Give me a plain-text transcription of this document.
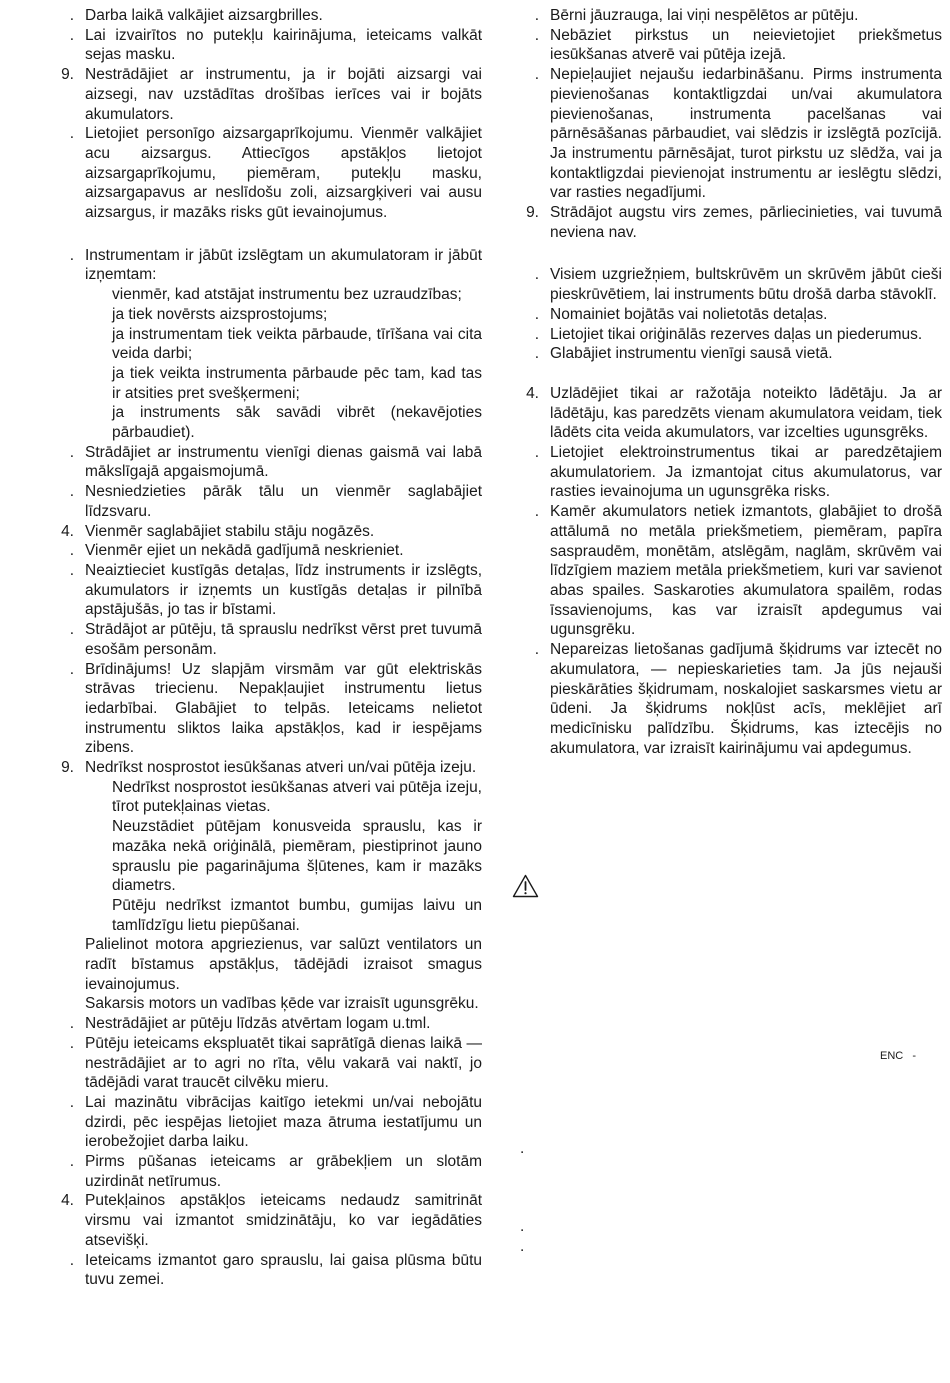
. Darba laikā valkājiet aizsargbrilles.
. Lai izvairītos no putekļu kairinājuma, ieteicams valkāt sejas masku.
9. Nestrādājiet ar instrumentu, ja ir bojāti aizsargi vai aizsegi, nav uzstādītas drošības ierīces vai ir bojāts akumulators.
. Lietojiet personīgo aizsargaprīkojumu. Vienmēr valkājiet acu aizsargus. Attiecīgos apstākļos lietojot aizsargaprīkojumu, piemēram, putekļu masku, aizsargapavus ar neslīdošu zoli, aizsargķiveri vai ausu aizsargus, ir mazāks risks gūt ievainojumus.
. Instrumentam ir jābūt izslēgtam un akumulatoram ir jābūt izņemtam:
vienmēr, kad atstājat instrumentu bez uzraudzības;
ja tiek novērsts aizsprostojums;
ja instrumentam tiek veikta pārbaude, tīrīšana vai cita veida darbi;
ja tiek veikta instrumenta pārbaude pēc tam, kad tas ir atsities pret svešķermeni;
ja instruments sāk savādi vibrēt (nekavējoties pārbaudiet).
. Strādājiet ar instrumentu vienīgi dienas gaismā vai labā mākslīgajā apgaismojumā.
. Nesniedzieties pārāk tālu un vienmēr saglabājiet līdzsvaru.
4. Vienmēr saglabājiet stabilu stāju nogāzēs.
. Vienmēr ejiet un nekādā gadījumā neskrieniet.
. Neaiztieciet kustīgās detaļas, līdz instruments ir izslēgts, akumulators ir izņemts un kustīgās detaļas ir pilnībā apstājušās, jo tas ir bīstami.
. Strādājot ar pūtēju, tā sprauslu nedrīkst vērst pret tuvumā esošām personām.
. Brīdinājums! Uz slapjām virsmām var gūt elektriskās strāvas triecienu. Nepakļaujiet instrumentu lietus iedarbībai. Glabājiet to telpās. Ieteicams nelietot instrumentu sliktos laika apstākļos, kad ir iespējams zibens.
9. Nedrīkst nosprostot iesūkšanas atveri un/vai pūtēja izeju.
Nedrīkst nosprostot iesūkšanas atveri vai pūtēja izeju, tīrot putekļainas vietas.
Neuzstādiet pūtējam konusveida sprauslu, kas ir mazāka nekā oriģinālā, piemēram, piestiprinot jauno sprauslu pie pagarinājuma šļūtenes, kam ir mazāks diametrs.
Pūtēju nedrīkst izmantot bumbu, gumijas laivu un tamlīdzīgu lietu piepūšanai.
Palielinot motora apgriezienus, var salūzt ventilators un radīt bīstamus apstākļus, tādējādi izraisot smagus ievainojumus.
Sakarsis motors un vadības ķēde var izraisīt ugunsgrēku.
. Nestrādājiet ar pūtēju līdzās atvērtam logam u.tml.
. Pūtēju ieteicams ekspluatēt tikai saprātīgā dienas laikā — nestrādājiet ar to agri no rīta, vēlu vakarā vai naktī, jo tādējādi varat traucēt cilvēku mieru.
. Lai mazinātu vibrācijas kaitīgo ietekmi un/vai nebojātu dzirdi, pēc iespējas lietojiet maza ātruma iestatījumu un ierobežojiet darba laiku.
. Pirms pūšanas ieteicams ar grābekļiem un slotām uzirdināt netīrumus.
4. Putekļainos apstākļos ieteicams nedaudz samitrināt virsmu vai izmantot smidzinātāju, ko var iegādāties atsevišķi.
. Ieteicams izmantot garo sprauslu, lai gaisa plūsma būtu tuvu zemei.
. Bērni jāuzrauga, lai viņi nespēlētos ar pūtēju.
. Nebāziet pirkstus un neievietojiet priekšmetus iesūkšanas atverē vai pūtēja izejā.
. Nepieļaujiet nejaušu iedarbināšanu. Pirms instrumenta pievienošanas kontaktligzdai un/vai akumulatora pievienošanas, instrumenta pacelšanas vai pārnēsāšanas pārbaudiet, vai slēdzis ir izslēgtā pozīcijā. Ja instrumentu pārnēsājat, turot pirkstu uz slēdža, vai ja kontaktligzdai pievienojat instrumentu ar ieslēgtu slēdzi, var rasties negadījumi.
9. Strādājot augstu virs zemes, pārliecinieties, vai tuvumā neviena nav.
. Visiem uzgriežņiem, bultskrūvēm un skrūvēm jābūt cieši pieskrūvētiem, lai instruments būtu drošā darba stāvoklī.
. Nomainiet bojātās vai nolietotās detaļas.
. Lietojiet tikai oriģinālās rezerves daļas un piederumus.
. Glabājiet instrumentu vienīgi sausā vietā.
4. Uzlādējiet tikai ar ražotāja noteikto lādētāju. Ja ar lādētāju, kas paredzēts vienam akumulatora veidam, tiek lādēts cita veida akumulators, var izcelties ugunsgrēks.
. Lietojiet elektroinstrumentus tikai ar paredzētajiem akumulatoriem. Ja izmantojat citus akumulatorus, var rasties ievainojuma un ugunsgrēka risks.
. Kamēr akumulators netiek izmantots, glabājiet to drošā attālumā no metāla priekšmetiem, piemēram, papīra saspraudēm, monētām, atslēgām, naglām, skrūvēm vai līdzīgiem maziem metāla priekšmetiem, kuri var savienot abas spailes. Saskaroties akumulatora spailēm, rodas īssavienojums, kas var izraisīt apdegumus vai ugunsgrēku.
. Nepareizas lietošanas gadījumā šķidrums var iztecēt no akumulatora, — nepieskarieties tam. Ja jūs nejauši pieskārāties šķidrumam, noskalojiet saskarsmes vietu ar ūdeni. Ja šķidrums nokļūst acīs, meklējiet arī medicīnisku palīdzību. Šķidrums, kas iztecējis no akumulatora, var izraisīt kairinājumu vai apdegumus.
ENC   -
.
.
.
